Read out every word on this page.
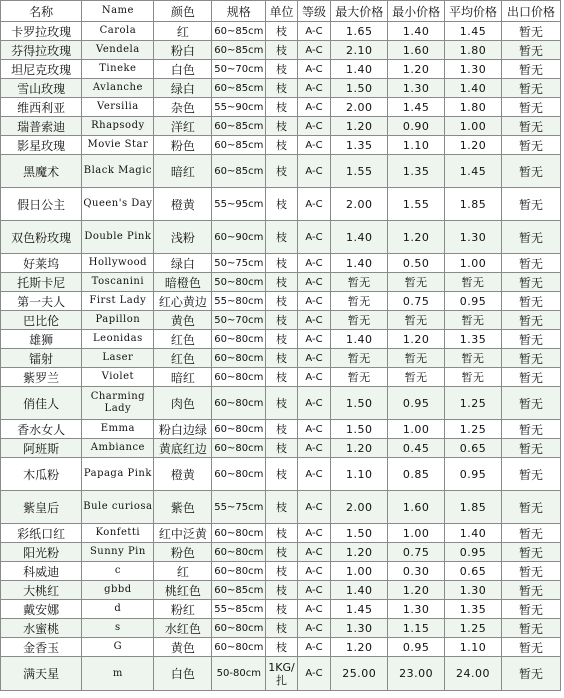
名称	Name	颜色	规格	单位	等级	最大价格	最小价格	平均价格	出口价格
卡罗拉玫瑰	Carola	红	60~85cm	枝	A-C	1.65	1.40	1.45	暂无
芬得拉玫瑰	Vendela	粉白	60~85cm	枝	A-C	2.10	1.60	1.80	暂无
坦尼克玫瑰	Tineke	白色	50~70cm	枝	A-C	1.40	1.20	1.30	暂无
雪山玫瑰	Avlanche	绿白	60~85cm	枝	A-C	1.50	1.30	1.40	暂无
维西利亚	Versilia	杂色	55~90cm	枝	A-C	2.00	1.45	1.80	暂无
瑞普索迪	Rhapsody	洋红	60~85cm	枝	A-C	1.20	0.90	1.00	暂无
影星玫瑰	Movie Star	粉色	60~85cm	枝	A-C	1.35	1.10	1.20	暂无
黑魔术	Black Magic	暗红	60~85cm	枝	A-C	1.55	1.35	1.45	暂无
假日公主	Queen's Day	橙黄	55~95cm	枝	A-C	2.00	1.55	1.85	暂无
双色粉玫瑰	Double Pink	浅粉	60~90cm	枝	A-C	1.40	1.20	1.30	暂无
好莱坞	Hollywood	绿白	50~75cm	枝	A-C	1.40	0.50	1.00	暂无
托斯卡尼	Toscanini	暗橙色	50~80cm	枝	A-C	暂无	暂无	暂无	暂无
第一夫人	First Lady	红心黄边	55~80cm	枝	A-C	暂无	0.75	0.95	暂无
巴比伦	Papillon	黄色	50~70cm	枝	A-C	暂无	暂无	暂无	暂无
雄狮	Leonidas	红色	60~80cm	枝	A-C	1.40	1.20	1.35	暂无
镭射	Laser	红色	60~80cm	枝	A-C	暂无	暂无	暂无	暂无
紫罗兰	Violet	暗红	60~80cm	枝	A-C	暂无	暂无	暂无	暂无
俏佳人	Charming Lady	肉色	60~80cm	枝	A-C	1.50	0.95	1.25	暂无
香水女人	Emma	粉白边绿	60~80cm	枝	A-C	1.50	1.00	1.25	暂无
阿班斯	Ambiance	黄底红边	60~80cm	枝	A-C	1.20	0.45	0.65	暂无
木瓜粉	Papaga Pink	橙黄	60~80cm	枝	A-C	1.10	0.85	0.95	暂无
紫皇后	Bule curiosa	紫色	55~75cm	枝	A-C	2.00	1.60	1.85	暂无
彩纸口红	Konfetti	红中泛黄	60~80cm	枝	A-C	1.50	1.00	1.40	暂无
阳光粉	Sunny Pin	粉色	60~80cm	枝	A-C	1.20	0.75	0.95	暂无
科威迪	c	红	60~80cm	枝	A-C	1.00	0.30	0.65	暂无
大桃红	gbbd	桃红色	60~85cm	枝	A-C	1.40	1.20	1.30	暂无
戴安娜	d	粉红	55~85cm	枝	A-C	1.45	1.30	1.35	暂无
水蜜桃	s	水红色	60~80cm	枝	A-C	1.30	1.15	1.25	暂无
金香玉	G	黄色	60~80cm	枝	A-C	1.20	0.95	1.10	暂无
满天星	m	白色	50-80cm	1KG/扎	A-C	25.00	23.00	24.00	暂无
